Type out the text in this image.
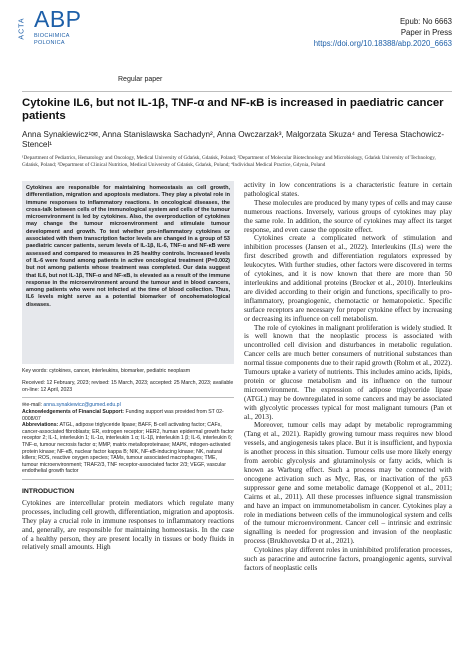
ACTA ABP
BIOCHIMICA
POLONICA
Epub: No 6663
Paper in Press
https://doi.org/10.18388/abp.2020_6663
Regular paper
Cytokine IL6, but not IL-1β, TNF-α and NF-κB is increased in paediatric cancer patients
Anna Synakiewicz¹✉, Anna Stanislawska Sachadyn², Anna Owczarzak³, Malgorzata Skuza⁴ and Teresa Stachowicz-Stencel¹
¹Department of Pediatrics, Hematology and Oncology, Medical University of Gdańsk, Gdańsk, Poland; ²Department of Molecular Biotechnology and Microbiology, Gdańsk University of Technology, Gdańsk, Poland; ³Department of Clinical Nutrition, Medical University of Gdańsk, Gdańsk, Poland; ⁴Individual Medical Practice, Gdynia, Poland
Cytokines are responsible for maintaining homeostasis as cell growth, differentiation, migration and apoptosis mediators. They play a pivotal role in immune responses to inflammatory reactions. In oncological diseases, the cross-talk between cells of the immunological system and cells of the tumour microenvironment is led by cytokines. Also, the overproduction of cytokines may change the tumour microenvironment and stimulate tumour development and growth. To test whether pro-inflammatory cytokines or associated with them transcription factor levels are changed in a group of 53 paediatric cancer patients, serum levels of IL-1β, IL-6, TNF-α and NF-κB were assessed and compared to measures in 25 healthy controls. Increased levels of IL-6 were found among patients in active oncological treatment (P=0.002) but not among patients whose treatment was completed. Our data suggest that IL6, but not IL-1β, TNF-α and NF-κB, is elevated as a result of the immune response in the microenvironment around the tumour and in blood cancers, among patients who were not infected at the time of blood collection. Thus, IL6 levels might serve as a potential biomarker of oncohematological diseases.
Key words: cytokines, cancer, interleukins, biomarker, pediatric neoplasm
Received: 12 February, 2023; revised: 15 March, 2023; accepted: 25 March, 2023; available on-line: 12 April, 2023
✉e-mail: anna.synakiewicz@gumed.edu.pl
Acknowledgements of Financial Support: Funding support was provided from ST 02-0008/07
Abbreviations: ATGL, adipose triglyceride lipase; BAFF, B-cell activating factor; CAFs, cancer-associated fibroblasts; ER, estrogen receptor; HER2, human epidermal growth factor receptor 2; IL-1, interleukin 1; IL-1α, interleukin 1 α; IL-1β, interleukin 1 β; IL-6, interleukin 6; TNF-α, tumour necrosis factor α; MMP, matrix metalloproteinase; MAPK, mitogen-activated protein kinase; NF-κB, nuclear factor kappa B; NIK, NF-κB-inducing kinase; NK, natural killers; ROS, reactive oxygen species; TAMs, tumour associated macrophages; TME, tumour microenvironment; TRAF2/3, TNF receptor-associated factor 2/3; VEGF, vascular endothelial growth factor
INTRODUCTION

Cytokines are intercellular protein mediators which regulate many processes, including cell growth, differentiation, migration and apoptosis. They play a crucial role in immune responses to inflammatory reactions and, generally, are responsible for maintaining homeostasis. In the case of a healthy person, they are present locally in tissues or body fluids in relatively small amounts. High

activity in low concentrations is a characteristic feature in certain pathological states.

These molecules are produced by many types of cells and may cause numerous reactions. Inversely, various groups of cytokines may play the same role. In addition, the source of cytokines may affect its target response, and even cause the opposite effect.

Cytokines create a complicated network of stimulation and inhibition processes (Jansen et al., 2022). Interleukins (ILs) were the first described growth and differentiation regulators expressed by leukocytes. With further studies, other factors were discovered in terms of cytokines, and it is now known that there are more than 50 interleukins and additional proteins (Brocker et al., 2010). Interleukins are divided according to their origin and functions, specifically to pro-inflammatory, proangiogenic, chemotactic or hematopoietic. Specific surface receptors are necessary for proper cytokine effect by increasing or decreasing its influence on cell metabolism.

The role of cytokines in malignant proliferation is widely studied. It is well known that the neoplastic process is associated with uncontrolled cell division and disturbances in metabolic regulation. Cancer cells are much better consumers of nutritional substances than normal tissue components due to their rapid growth (Rohm et al., 2022). Tumours uptake a variety of nutrients. This includes amino acids, lipids, protein or glucose metabolism and its influence on the tumour microenvironment. The expression of adipose triglyceride lipase (ATGL) may be downregulated in some cancers and may be associated with glycolytic processes typical for most malignant tumours (Pan et al., 2013).

Moreover, tumour cells may adapt by metabolic reprogramming (Tang et al., 2021). Rapidly growing tumour mass requires new blood vessels, and angiogenesis takes place. But it is insufficient, and hypoxia is another process in this situation. Tumour cells use more likely energy from aerobic glycolysis and glutaminolysis or fatty acids, which is known as Warburg effect. Such a process may be connected with oncogene activation such as Myc, Ras, or inactivation of the p53 suppressor gene and some metabolic damage (Koppenol et al., 2011; Cairns et al., 2011). All these processes influence signal transmission and have an impact on immunometabolism in cancer. Cytokines play a role in mediations between cells of the immunological system and cells of the tumour microenvironment. Cancer cell – intrinsic and extrinsic signalling is needed for progression and invasion of the neoplastic process (Brukhovetska D et al., 2021).

Cytokines play different roles in uninhibited proliferation processes, such as paracrine and autocrine factors, proangiogenic agents, survival factors of neoplastic cells
